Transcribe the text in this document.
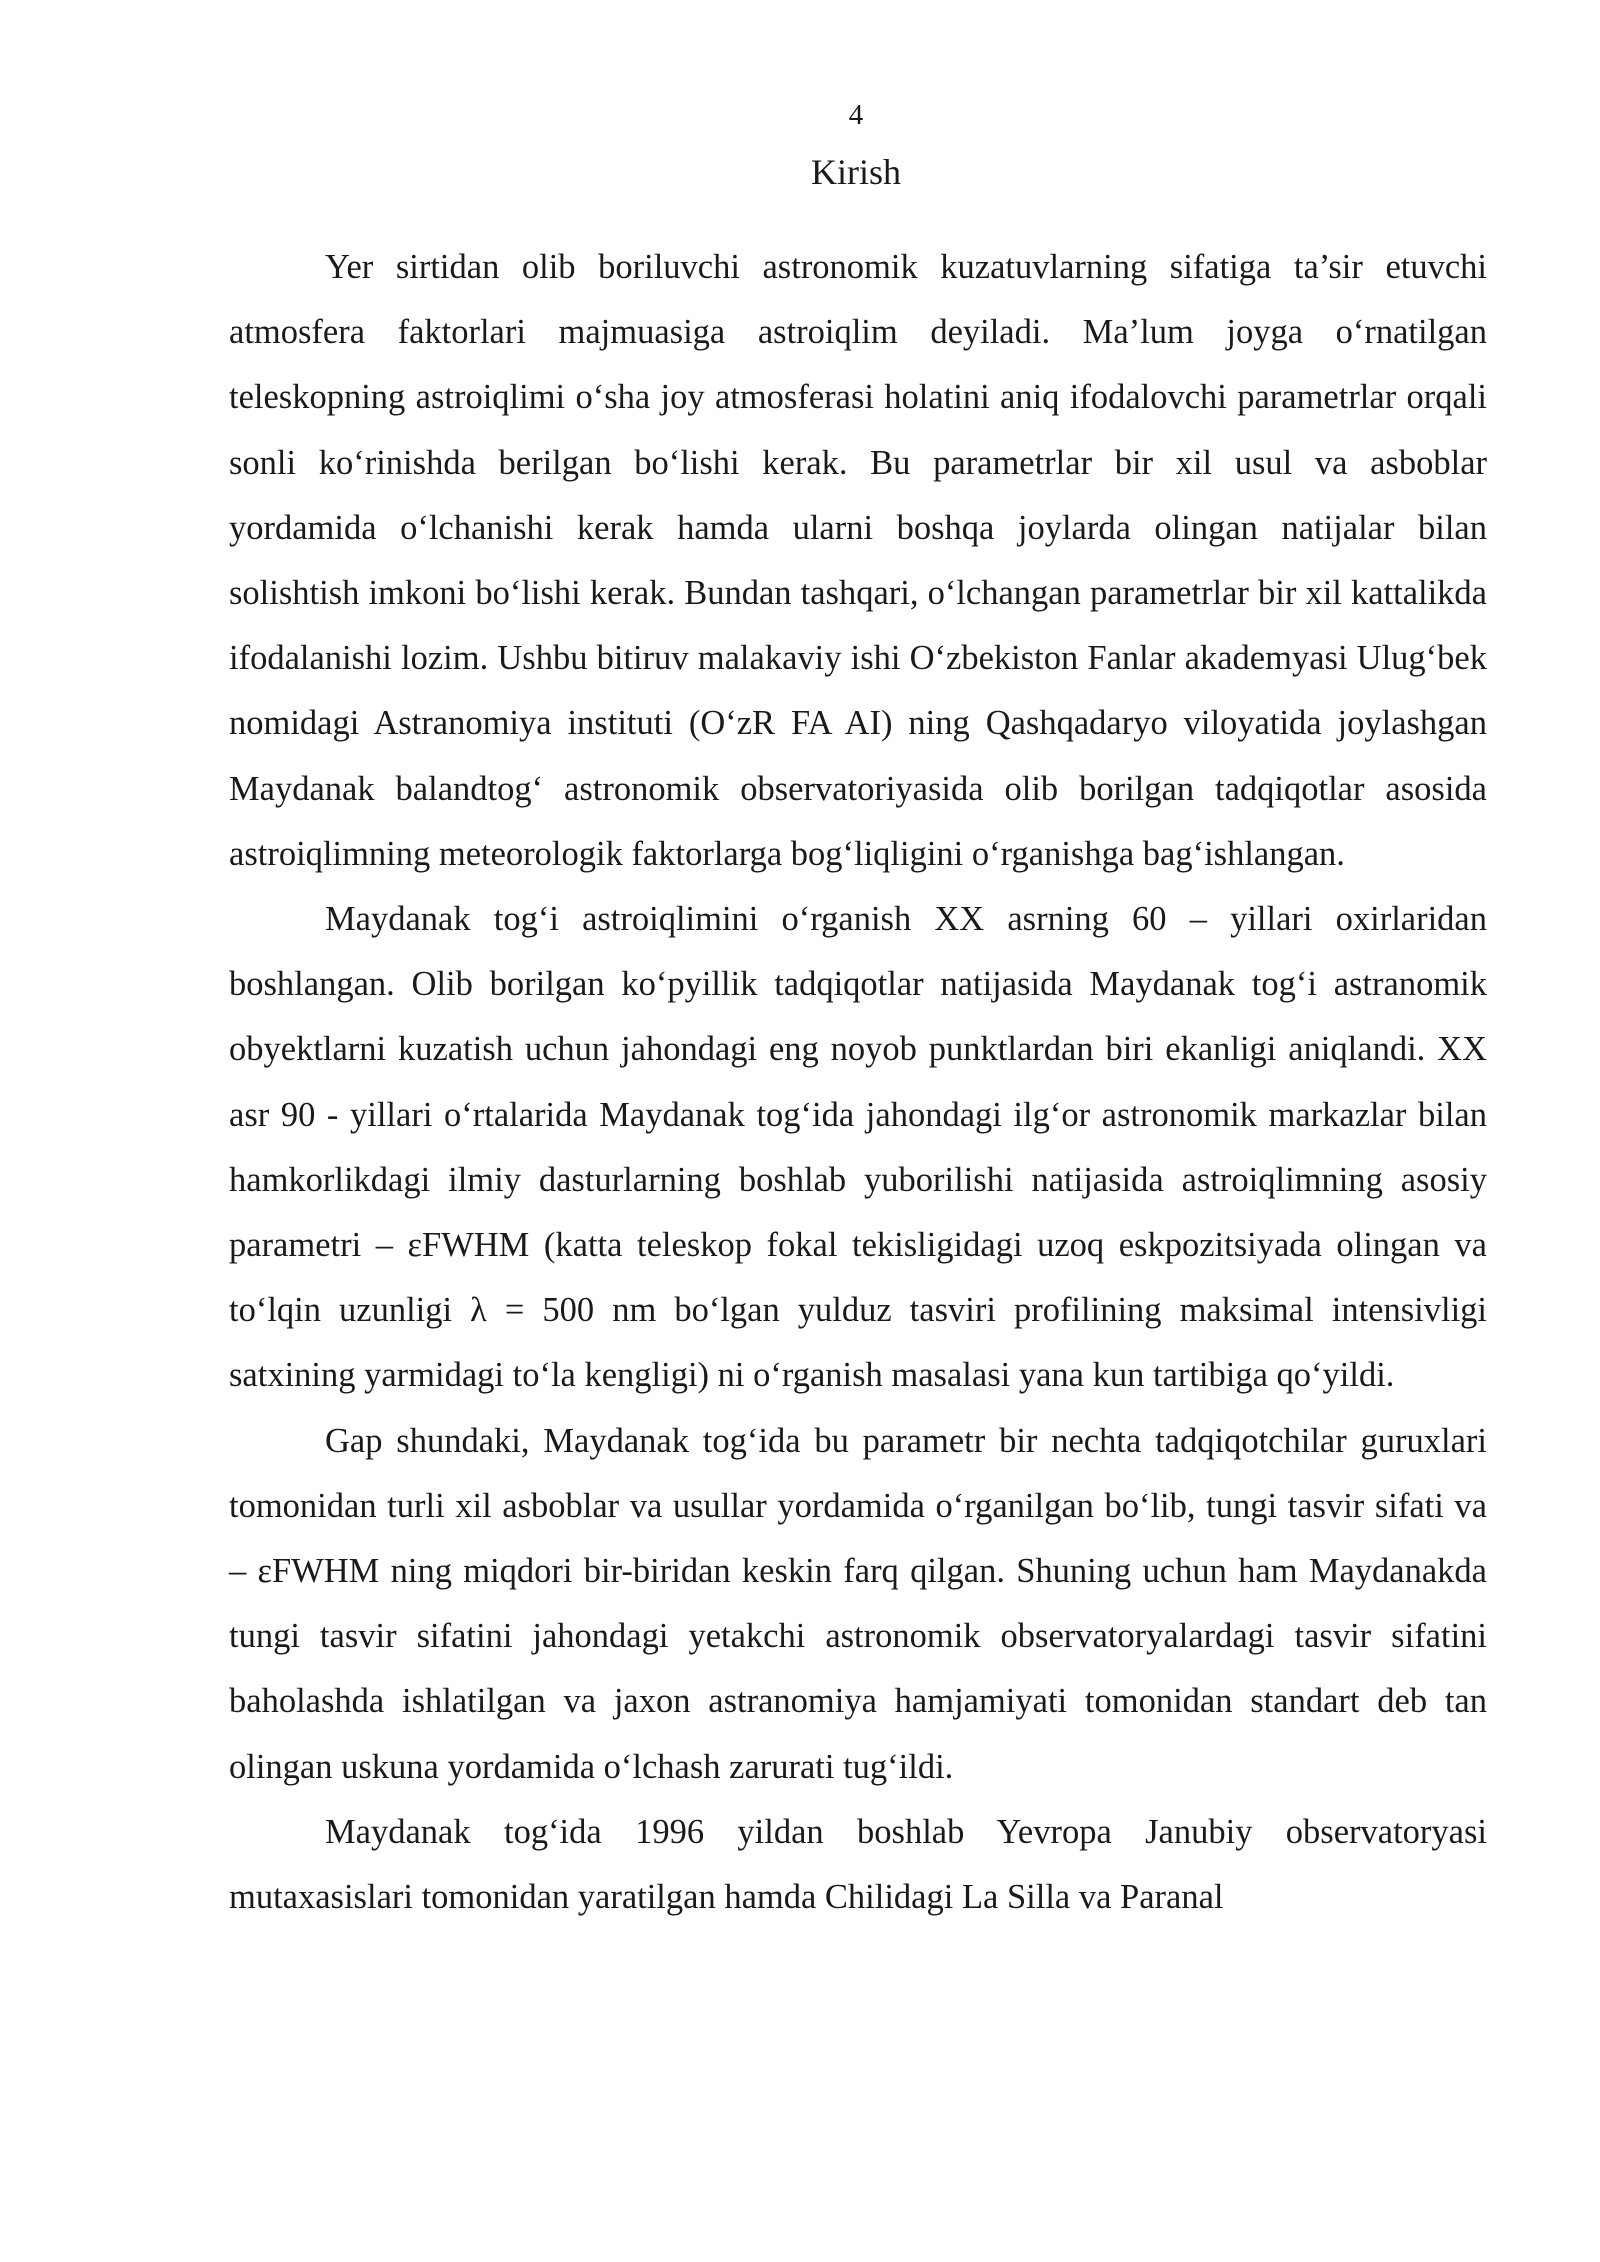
4
Kirish

Yer sirtidan olib boriluvchi astronomik kuzatuvlarning sifatiga ta’sir etuvchi atmosfera faktorlari majmuasiga astroiqlim deyiladi. Ma’lum joyga o‘rnatilgan teleskopning astroiqlimi o‘sha joy atmosferasi holatini aniq ifodalovchi parametrlar orqali sonli ko‘rinishda berilgan bo‘lishi kerak. Bu parametrlar bir xil usul va asboblar yordamida o‘lchanishi kerak hamda ularni boshqa joylarda olingan natijalar bilan solishtish imkoni bo‘lishi kerak. Bundan tashqari, o‘lchangan parametrlar bir xil kattalikda ifodalanishi lozim. Ushbu bitiruv malakaviy ishi O‘zbekiston Fanlar akademyasi Ulug‘bek nomidagi Astranomiya instituti (O‘zR FA AI) ning Qashqadaryo viloyatida joylashgan Maydanak balandtog‘ astronomik observatoriyasida olib borilgan tadqiqotlar asosida astroiqlimning meteorologik faktorlarga bog‘liqligini o‘rganishga bag‘ishlangan.

Maydanak tog‘i astroiqlimini o‘rganish XX asrning 60 – yillari oxirlaridan boshlangan. Olib borilgan ko‘pyillik tadqiqotlar natijasida Maydanak tog‘i astranomik obyektlarni kuzatish uchun jahondagi eng noyob punktlardan biri ekanligi aniqlandi. XX asr 90 - yillari o‘rtalarida Maydanak tog‘ida jahondagi ilg‘or astronomik markazlar bilan hamkorlikdagi ilmiy dasturlarning boshlab yuborilishi natijasida astroiqlimning asosiy parametri – εFWHM (katta teleskop fokal tekisligidagi uzoq eskpozitsiyada olingan va to‘lqin uzunligi λ = 500 nm bo‘lgan yulduz tasviri profilining maksimal intensivligi satxining yarmidagi to‘la kengligi) ni o‘rganish masalasi yana kun tartibiga qo‘yildi.

Gap shundaki, Maydanak tog‘ida bu parametr bir nechta tadqiqotchilar guruxlari tomonidan turli xil asboblar va usullar yordamida o‘rganilgan bo‘lib, tungi tasvir sifati va – εFWHM ning miqdori bir-biridan keskin farq qilgan. Shuning uchun ham Maydanakda tungi tasvir sifatini jahondagi yetakchi astronomik observatoryalardagi tasvir sifatini baholashda ishlatilgan va jaxon astranomiya hamjamiyati tomonidan standart deb tan olingan uskuna yordamida o‘lchash zarurati tug‘ildi.

Maydanak tog‘ida 1996 yildan boshlab Yevropa Janubiy observatoryasi mutaxasislari tomonidan yaratilgan hamda Chilidagi La Silla va Paranal
